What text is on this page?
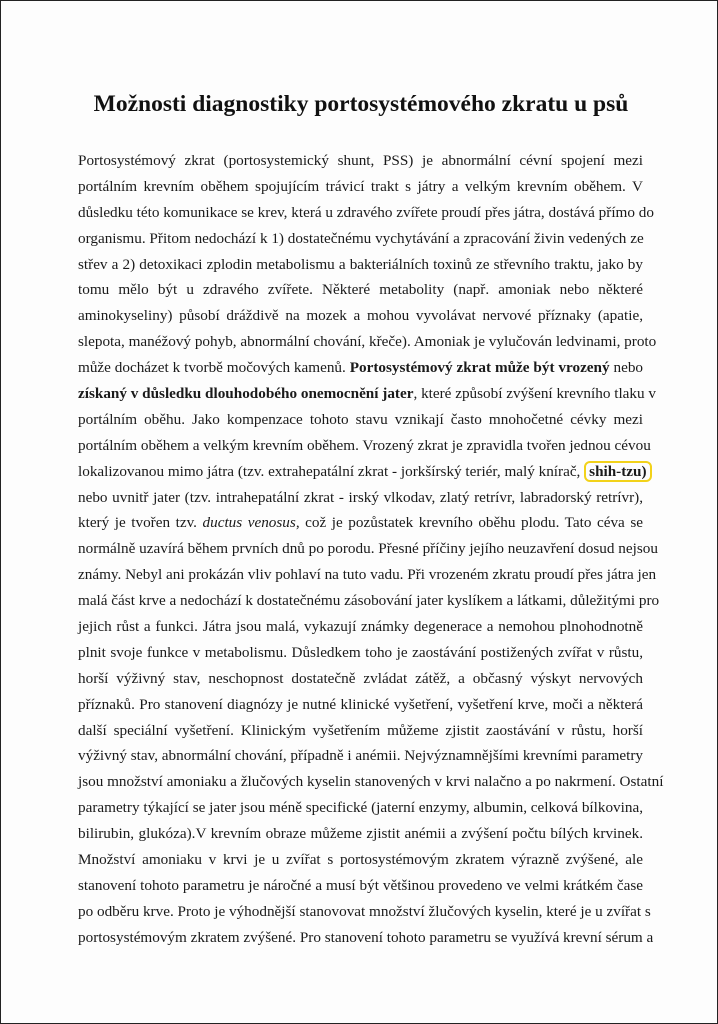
Možnosti diagnostiky portosystémového zkratu u psů
Portosystémový zkrat (portosystemický shunt, PSS) je abnormální cévní spojení mezi
portálním krevním oběhem spojujícím trávicí trakt s játry a velkým krevním oběhem. V
důsledku této komunikace se krev, která u zdravého zvířete proudí přes játra, dostává přímo do
organismu. Přitom nedochází k 1) dostatečnému vychytávání a zpracování živin vedených ze
střev a 2) detoxikaci zplodin metabolismu a bakteriálních toxinů ze střevního traktu, jako by
tomu mělo být u zdravého zvířete. Některé metabolity (např. amoniak nebo některé
aminokyseliny) působí dráždivě na mozek a mohou vyvolávat nervové příznaky (apatie,
slepota, manéžový pohyb, abnormální chování, křeče). Amoniak je vylučován ledvinami, proto
může docházet k tvorbě močových kamenů. Portosystémový zkrat může být vrozený nebo
získaný v důsledku dlouhodobého onemocnění jater, které způsobí zvýšení krevního tlaku v
portálním oběhu. Jako kompenzace tohoto stavu vznikají často mnohočetné cévky mezi
portálním oběhem a velkým krevním oběhem. Vrozený zkrat je zpravidla tvořen jednou cévou
lokalizovanou mimo játra (tzv. extrahepatální zkrat - jorkšírský teriér, malý knírač, shih-tzu)
nebo uvnitř jater (tzv. intrahepatální zkrat - irský vlkodav, zlatý retrívr, labradorský retrívr),
který je tvořen tzv. ductus venosus, což je pozůstatek krevního oběhu plodu. Tato céva se
normálně uzavírá během prvních dnů po porodu. Přesné příčiny jejího neuzavření dosud nejsou
známy. Nebyl ani prokázán vliv pohlaví na tuto vadu. Při vrozeném zkratu proudí přes játra jen
malá část krve a nedochází k dostatečnému zásobování jater kyslíkem a látkami, důležitými pro
jejich růst a funkci. Játra jsou malá, vykazují známky degenerace a nemohou plnohodnotně
plnit svoje funkce v metabolismu. Důsledkem toho je zaostávání postižených zvířat v růstu,
horší výživný stav, neschopnost dostatečně zvládat zátěž, a občasný výskyt nervových
příznaků. Pro stanovení diagnózy je nutné klinické vyšetření, vyšetření krve, moči a některá
další speciální vyšetření. Klinickým vyšetřením můžeme zjistit zaostávání v růstu, horší
výživný stav, abnormální chování, případně i anémii. Nejvýznamnějšími krevními parametry
jsou množství amoniaku a žlučových kyselin stanovených v krvi nalačno a po nakrmení. Ostatní
parametry týkající se jater jsou méně specifické (jaterní enzymy, albumin, celková bílkovina,
bilirubin, glukóza).V krevním obraze můžeme zjistit anémii a zvýšení počtu bílých krvinek.
Množství amoniaku v krvi je u zvířat s portosystémovým zkratem výrazně zvýšené, ale
stanovení tohoto parametru je náročné a musí být většinou provedeno ve velmi krátkém čase
po odběru krve. Proto je výhodnější stanovovat množství žlučových kyselin, které je u zvířat s
portosystémovým zkratem zvýšené. Pro stanovení tohoto parametru se využívá krevní sérum a
